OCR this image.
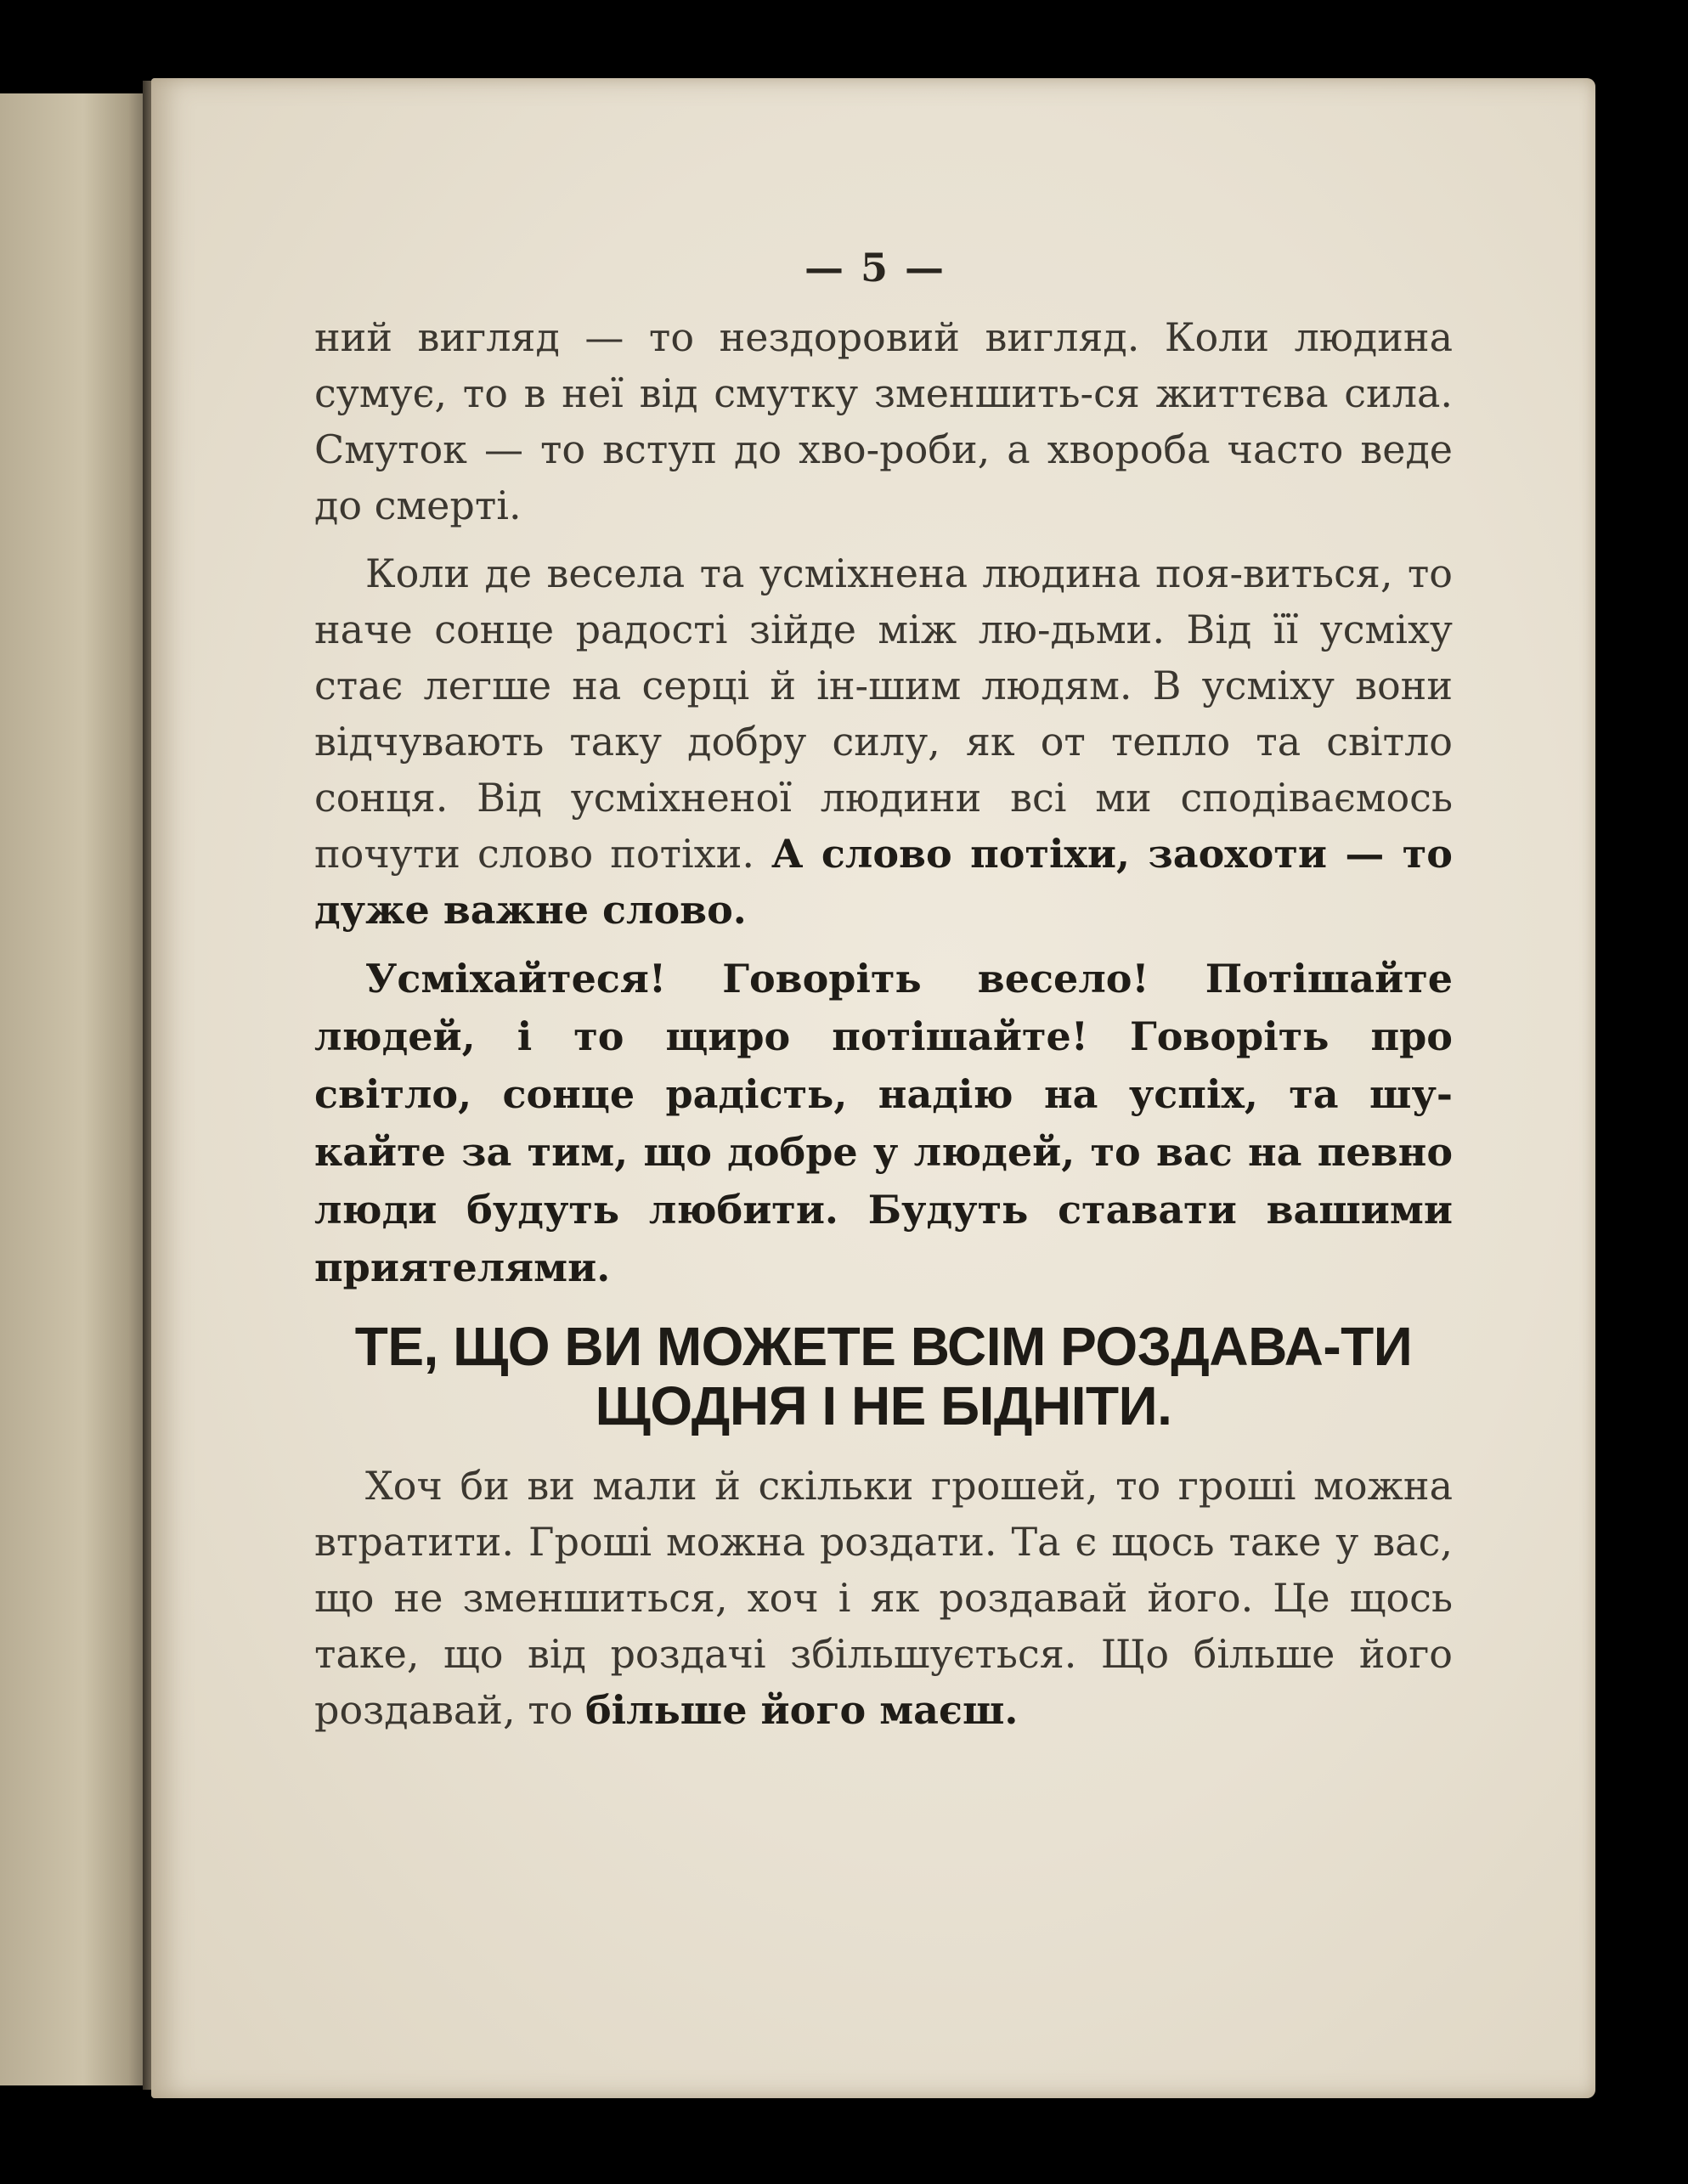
— 5 —

ний вигляд — то нездоровий вигляд. Коли людина сумує, то в неї від смутку зменшить-ся життєва сила. Смуток — то вступ до хво-роби, а хвороба часто веде до смерті.

Коли де весела та усміхнена людина поя-виться, то наче сонце радості зійде між лю-дьми. Від її усміху стає легше на серці й ін-шим людям. В усміху вони відчувають таку добру силу, як от тепло та світло сонця. Від усміхненої людини всі ми сподіваємось почути слово потіхи. А слово потіхи, заохоти — то дуже важне слово.

Усміхайтеся! Говоріть весело! Потішайте людей, і то щиро потішайте! Говоріть про світло, сонце радість, надію на успіх, та шу-кайте за тим, що добре у людей, то вас на певно люди будуть любити. Будуть ставати вашими приятелями.

ТЕ, ЩО ВИ МОЖЕТЕ ВСІМ РОЗДАВА-ТИ ЩОДНЯ І НЕ БІДНІТИ.

Хоч би ви мали й скільки грошей, то гроші можна втратити. Гроші можна роздати. Та є щось таке у вас, що не зменшиться, хоч і як роздавай його. Це щось таке, що від роздачі збільшується. Що більше його роздавай, то більше його маєш.
